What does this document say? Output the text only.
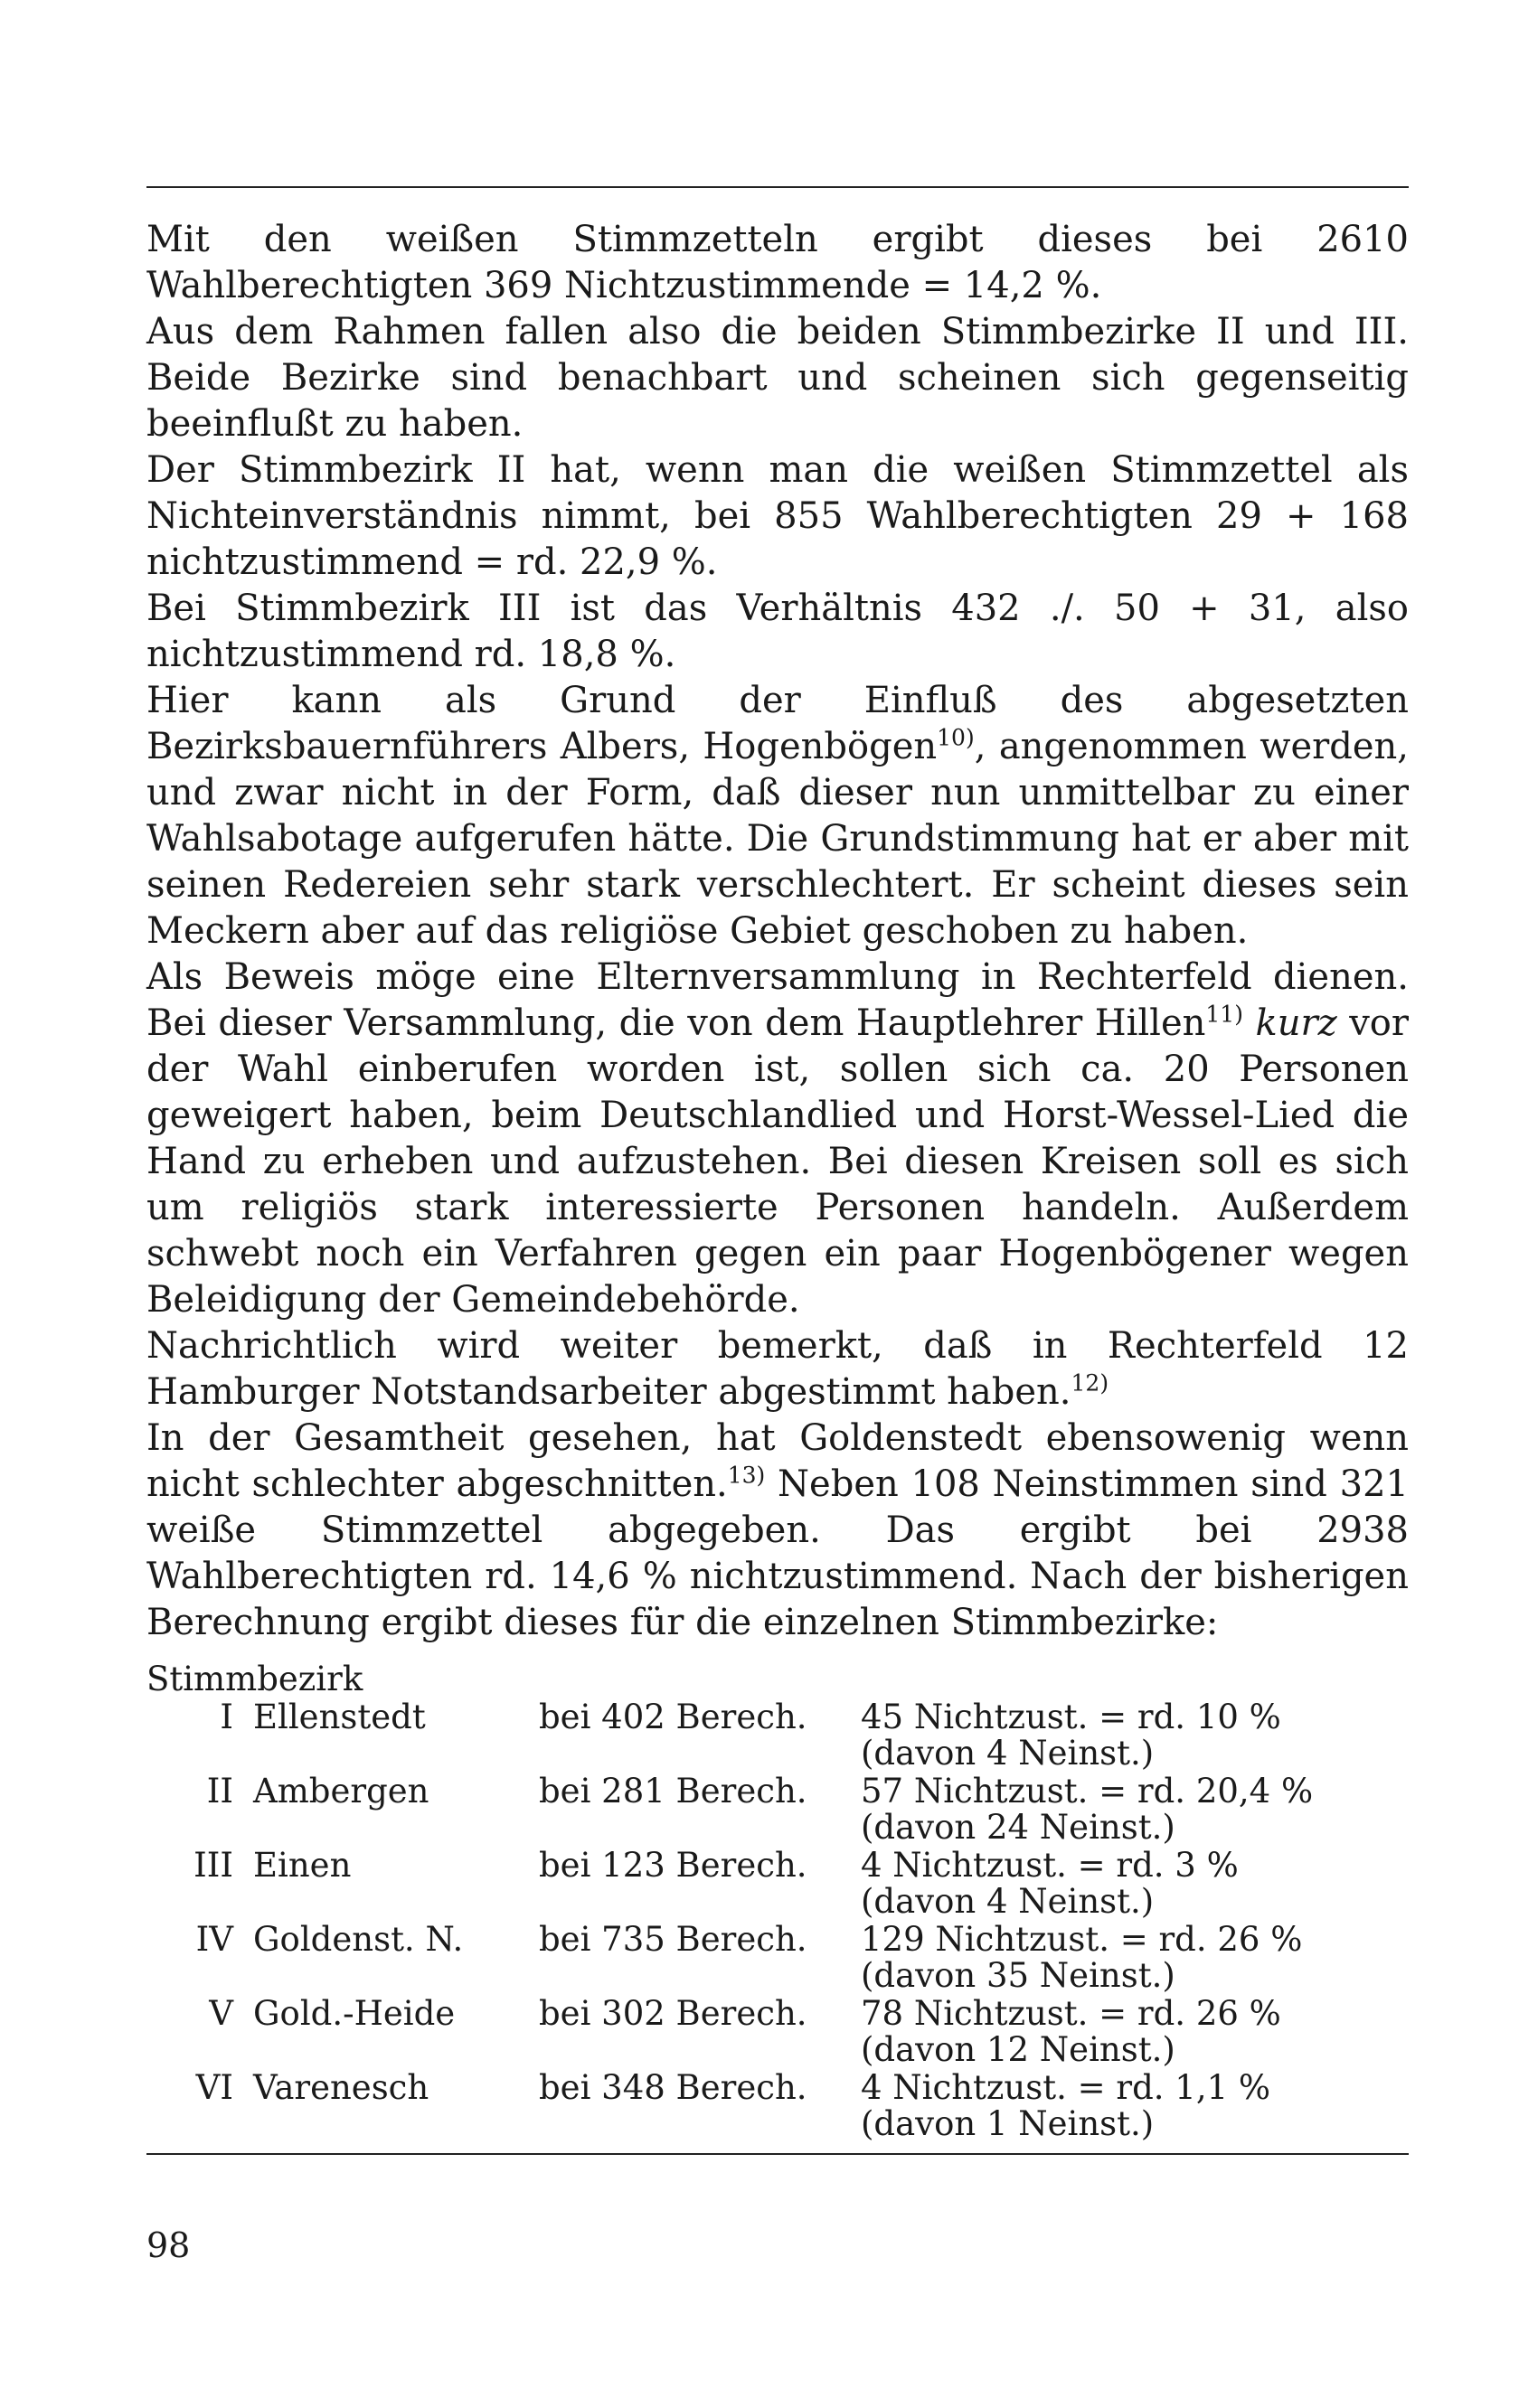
Mit den weißen Stimmzetteln ergibt dieses bei 2610 Wahlberechtigten 369 Nichtzustimmende = 14,2 %.

Aus dem Rahmen fallen also die beiden Stimmbezirke II und III. Beide Bezirke sind benachbart und scheinen sich gegenseitig beeinflußt zu haben.

Der Stimmbezirk II hat, wenn man die weißen Stimmzettel als Nichteinverständnis nimmt, bei 855 Wahlberechtigten 29 + 168 nichtzustimmend = rd. 22,9 %.

Bei Stimmbezirk III ist das Verhältnis 432 ./. 50 + 31, also nichtzustimmend rd. 18,8 %.

Hier kann als Grund der Einfluß des abgesetzten Bezirksbauernführers Albers, Hogenbögen$^{10)}$, angenommen werden, und zwar nicht in der Form, daß dieser nun unmittelbar zu einer Wahlsabotage aufgerufen hätte. Die Grundstimmung hat er aber mit seinen Redereien sehr stark verschlechtert. Er scheint dieses sein Meckern aber auf das religiöse Gebiet geschoben zu haben.

Als Beweis möge eine Elternversammlung in Rechterfeld dienen. Bei dieser Versammlung, die von dem Hauptlehrer Hillen$^{11)}$ kurz vor der Wahl einberufen worden ist, sollen sich ca. 20 Personen geweigert haben, beim Deutschlandlied und Horst-Wessel-Lied die Hand zu erheben und aufzustehen. Bei diesen Kreisen soll es sich um religiös stark interessierte Personen handeln. Außerdem schwebt noch ein Verfahren gegen ein paar Hogenbögener wegen Beleidigung der Gemeindebehörde.

Nachrichtlich wird weiter bemerkt, daß in Rechterfeld 12 Hamburger Notstandsarbeiter abgestimmt haben.$^{12)}$

In der Gesamtheit gesehen, hat Goldenstedt ebensowenig wenn nicht schlechter abgeschnitten.$^{13)}$ Neben 108 Neinstimmen sind 321 weiße Stimmzettel abgegeben. Das ergibt bei 2938 Wahlberechtigten rd. 14,6 % nichtzustimmend. Nach der bisherigen Berechnung ergibt dieses für die einzelnen Stimmbezirke:

Stimmbezirk
I Ellenstedt	bei 402 Berech. 45 Nichtzust. = rd. 10 %
(davon 4 Neinst.)
II Ambergen	bei 281 Berech. 57 Nichtzust. = rd. 20,4 %
(davon 24 Neinst.)
III Einen	bei 123 Berech. 4 Nichtzust. = rd. 3 %
(davon 4 Neinst.)
IV Goldenst. N. bei 735 Berech. 129 Nichtzust. = rd. 26 %
(davon 35 Neinst.)
V Gold.-Heide	bei 302 Berech. 78 Nichtzust. = rd. 26 %
(davon 12 Neinst.)
VI Varenesch	bei 348 Berech. 4 Nichtzust. = rd. 1,1 %
(davon 1 Neinst.)
98
